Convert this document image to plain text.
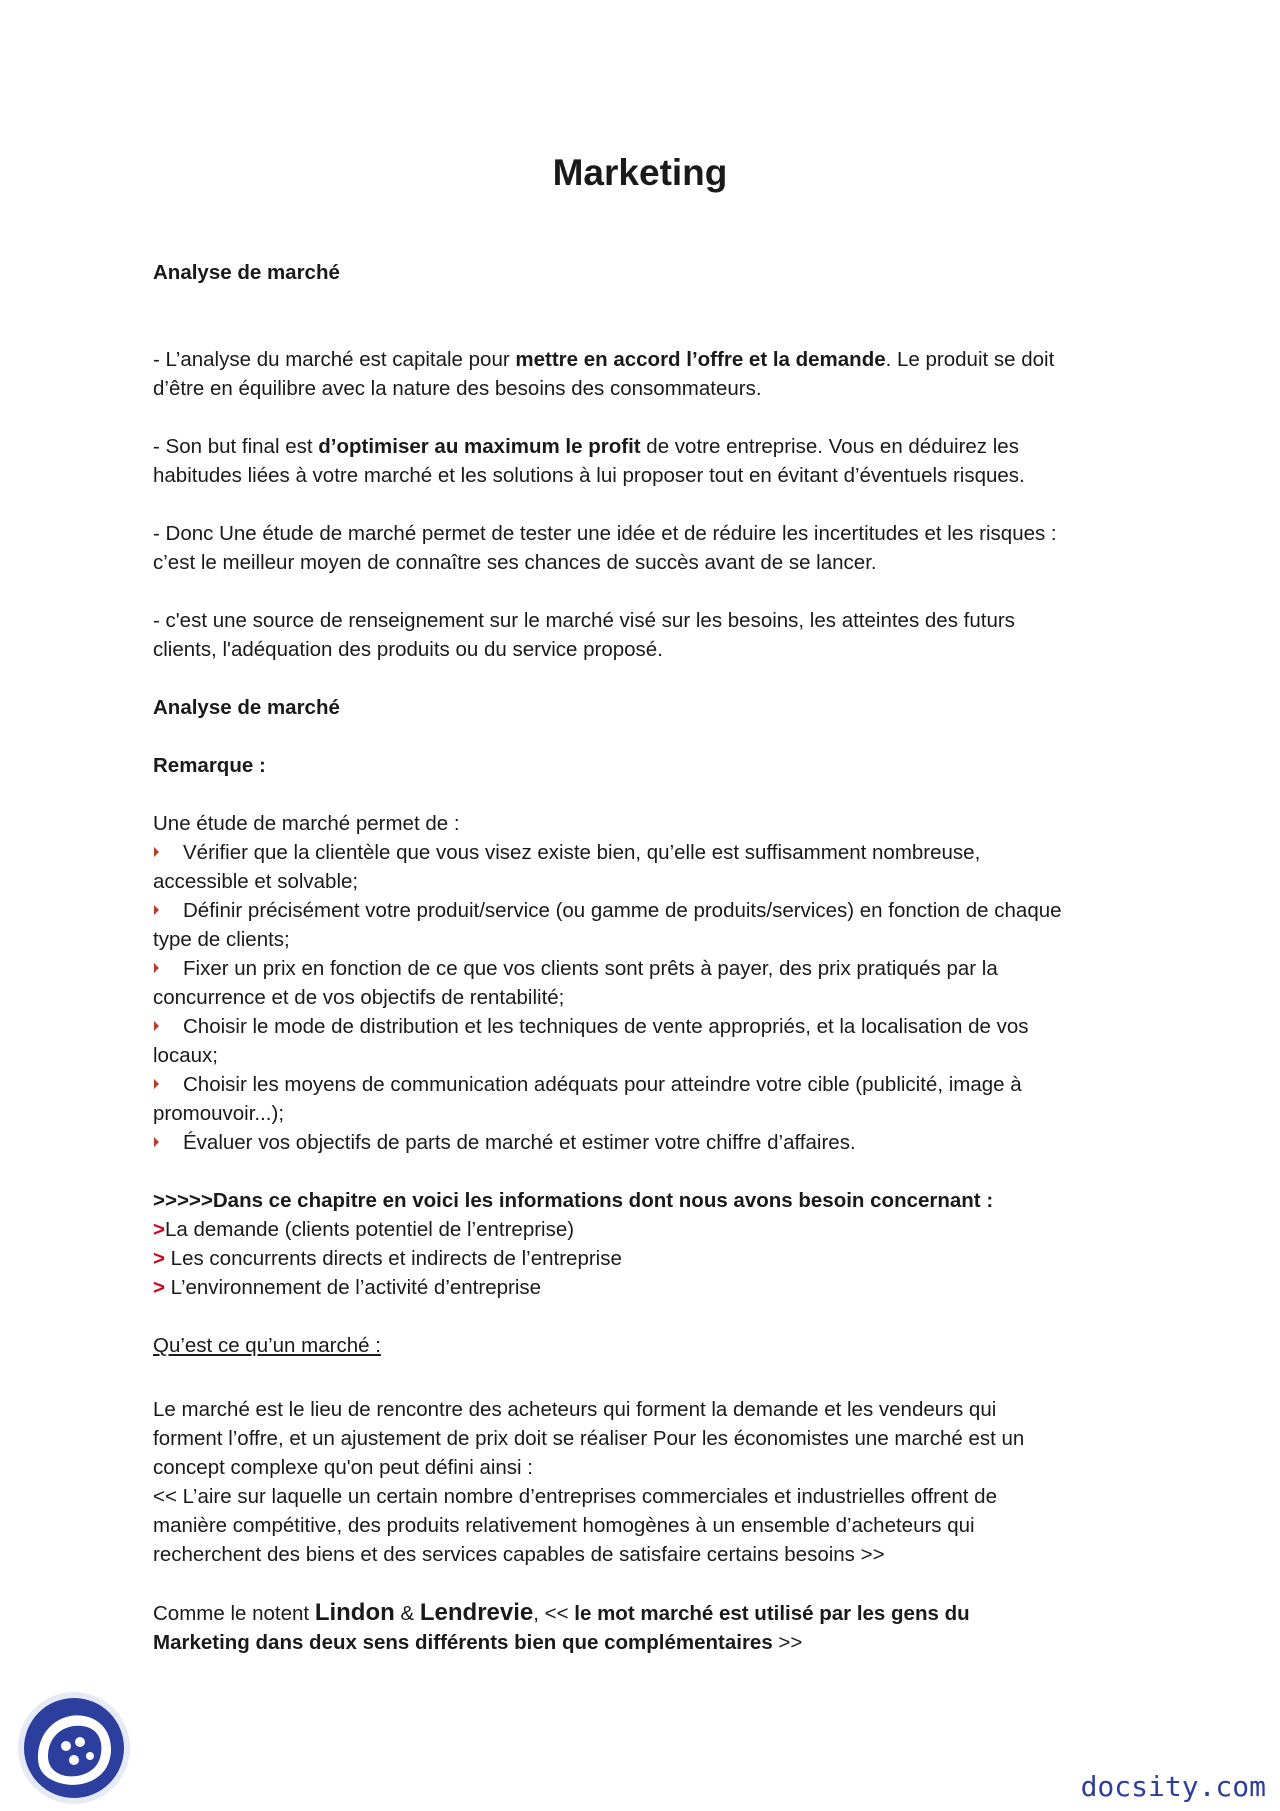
Marketing

Analyse de marché

- L’analyse du marché est capitale pour mettre en accord l’offre et la demande. Le produit se doit
d’être en équilibre avec la nature des besoins des consommateurs.

- Son but final est d’optimiser au maximum le profit de votre entreprise. Vous en déduirez les
habitudes liées à votre marché et les solutions à lui proposer tout en évitant d’éventuels risques.

- Donc Une étude de marché permet de tester une idée et de réduire les incertitudes et les risques :
c’est le meilleur moyen de connaître ses chances de succès avant de se lancer.

- c'est une source de renseignement sur le marché visé sur les besoins, les atteintes des futurs
clients, l'adéquation des produits ou du service proposé.

Analyse de marché

Remarque :

Une étude de marché permet de :

Vérifier que la clientèle que vous visez existe bien, qu’elle est suffisamment nombreuse,
accessible et solvable;

Définir précisément votre produit/service (ou gamme de produits/services) en fonction de chaque
type de clients;

Fixer un prix en fonction de ce que vos clients sont prêts à payer, des prix pratiqués par la
concurrence et de vos objectifs de rentabilité;

Choisir le mode de distribution et les techniques de vente appropriés, et la localisation de vos
locaux;

Choisir les moyens de communication adéquats pour atteindre votre cible (publicité, image à
promouvoir...);

Évaluer vos objectifs de parts de marché et estimer votre chiffre d’affaires.

>>>>>Dans ce chapitre en voici les informations dont nous avons besoin concernant :

>La demande (clients potentiel de l’entreprise)

> Les concurrents directs et indirects de l’entreprise

> L’environnement de l’activité d’entreprise

Qu’est ce qu’un marché :

Le marché est le lieu de rencontre des acheteurs qui forment la demande et les vendeurs qui
forment l’offre, et un ajustement de prix doit se réaliser Pour les économistes une marché est un
concept complexe qu'on peut défini ainsi :
<< L’aire sur laquelle un certain nombre d’entreprises commerciales et industrielles offrent de
manière compétitive, des produits relativement homogènes à un ensemble d’acheteurs qui
recherchent des biens et des services capables de satisfaire certains besoins >>

Comme le notent Lindon & Lendrevie, << le mot marché est utilisé par les gens du
Marketing dans deux sens différents bien que complémentaires >>

docsity.com
